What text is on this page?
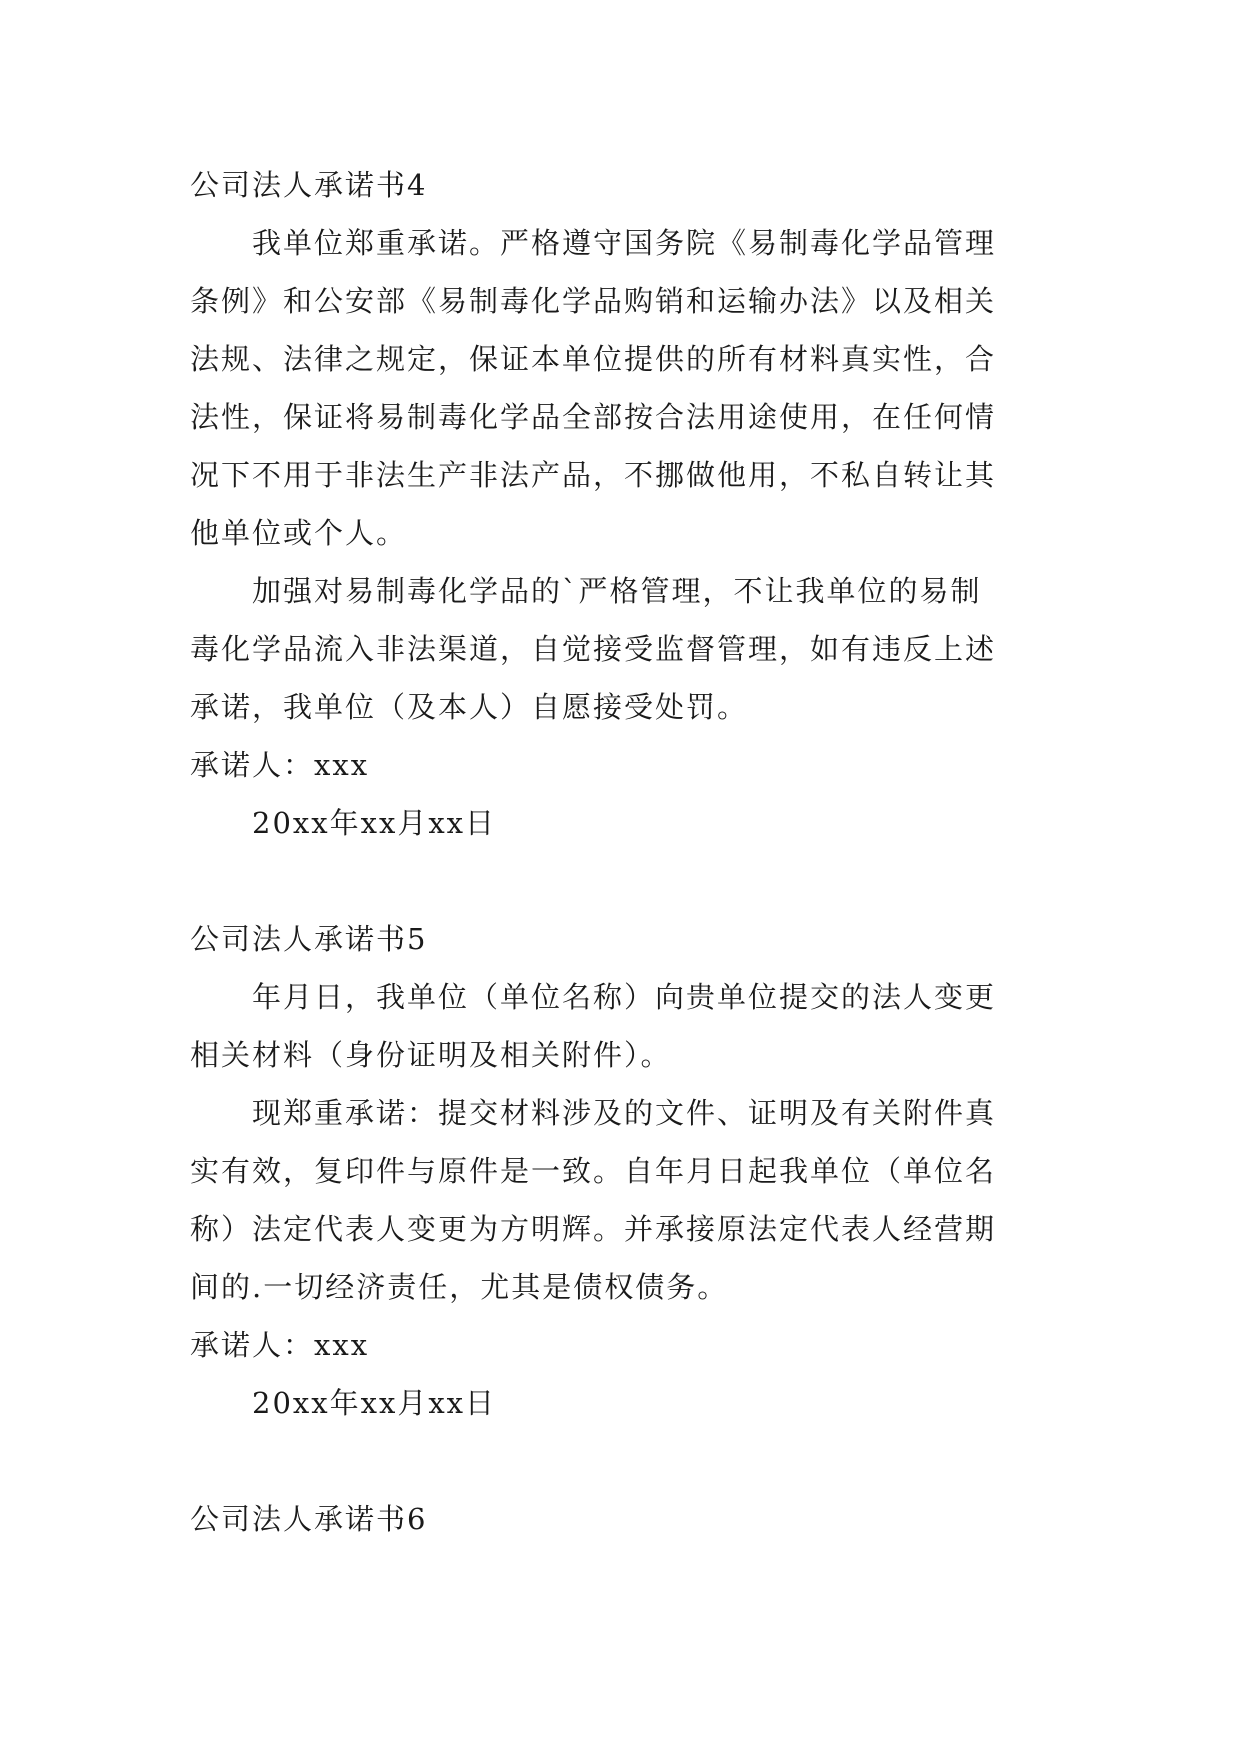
公司法人承诺书4

我单位郑重承诺。严格遵守国务院《易制毒化学品管理

条例》和公安部《易制毒化学品购销和运输办法》以及相关

法规、法律之规定，保证本单位提供的所有材料真实性，合

法性，保证将易制毒化学品全部按合法用途使用，在任何情

况下不用于非法生产非法产品，不挪做他用，不私自转让其

他单位或个人。

加强对易制毒化学品的`严格管理，不让我单位的易制

毒化学品流入非法渠道，自觉接受监督管理，如有违反上述

承诺，我单位（及本人）自愿接受处罚。

承诺人：xxx

20xx年xx月xx日

公司法人承诺书5

年月日，我单位（单位名称）向贵单位提交的法人变更

相关材料（身份证明及相关附件）。

现郑重承诺：提交材料涉及的文件、证明及有关附件真

实有效，复印件与原件是一致。自年月日起我单位（单位名

称）法定代表人变更为方明辉。并承接原法定代表人经营期

间的.一切经济责任，尤其是债权债务。

承诺人：xxx

20xx年xx月xx日

公司法人承诺书6
